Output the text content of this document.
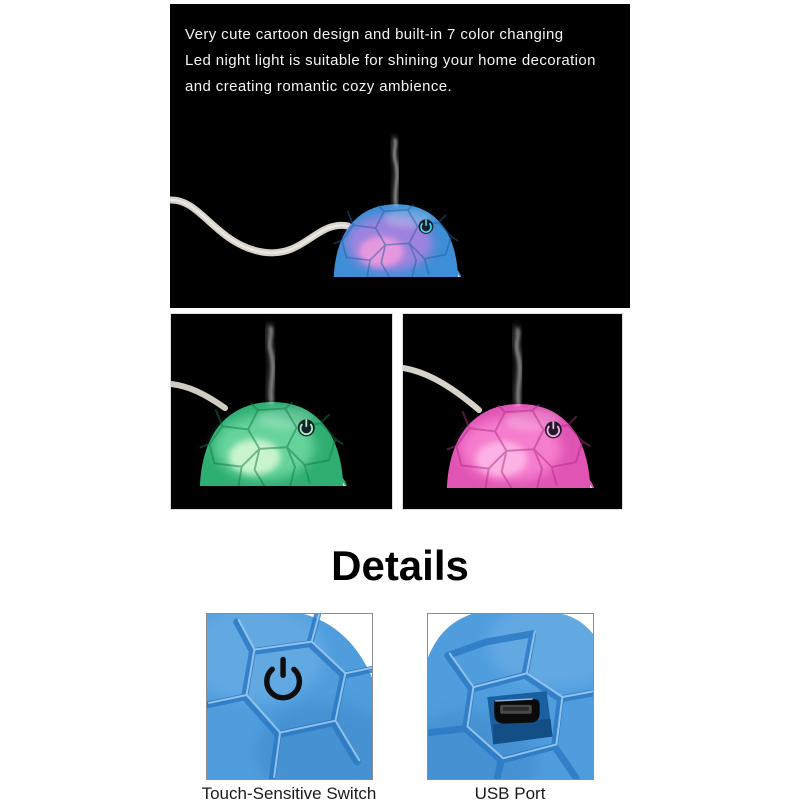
Very cute cartoon design and built-in 7 color changing
Led night light is suitable for shining your home decoration
and creating romantic cozy ambience.

Details
Touch-Sensitive Switch	USB Port
